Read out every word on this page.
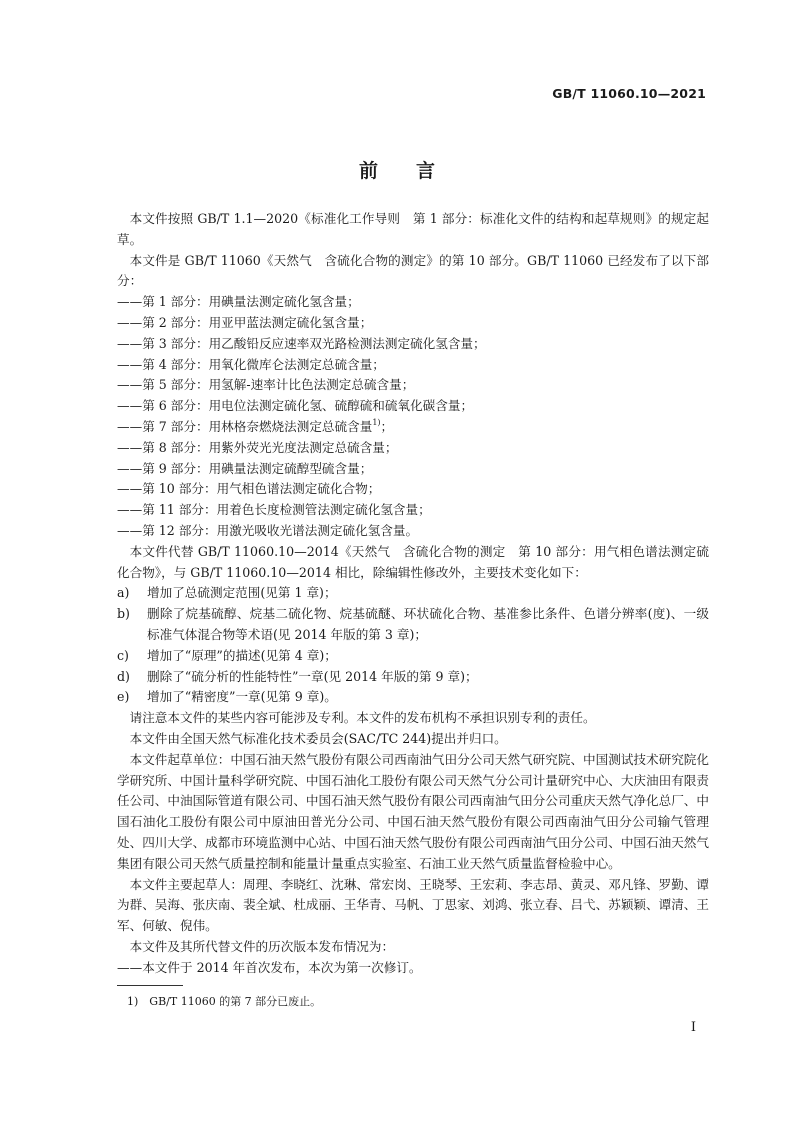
GB/T 11060.10—2021
前　　言

本文件按照 GB/T 1.1—2020《标准化工作导则　第 1 部分：标准化文件的结构和起草规则》的规定起草。

本文件是 GB/T 11060《天然气　含硫化合物的测定》的第 10 部分。GB/T 11060 已经发布了以下部分：

——第 1 部分：用碘量法测定硫化氢含量；

——第 2 部分：用亚甲蓝法测定硫化氢含量；

——第 3 部分：用乙酸铅反应速率双光路检测法测定硫化氢含量；

——第 4 部分：用氧化微库仑法测定总硫含量；

——第 5 部分：用氢解-速率计比色法测定总硫含量；

——第 6 部分：用电位法测定硫化氢、硫醇硫和硫氧化碳含量；

——第 7 部分：用林格奈燃烧法测定总硫含量$^{1)}$；

——第 8 部分：用紫外荧光光度法测定总硫含量；

——第 9 部分：用碘量法测定硫醇型硫含量；

——第 10 部分：用气相色谱法测定硫化合物；

——第 11 部分：用着色长度检测管法测定硫化氢含量；

——第 12 部分：用激光吸收光谱法测定硫化氢含量。

本文件代替 GB/T 11060.10—2014《天然气　含硫化合物的测定　第 10 部分：用气相色谱法测定硫化合物》，与 GB/T 11060.10—2014 相比，除编辑性修改外，主要技术变化如下：

a)	增加了总硫测定范围(见第 1 章)；
b)	删除了烷基硫醇、烷基二硫化物、烷基硫醚、环状硫化合物、基准参比条件、色谱分辨率(度)、一级标准气体混合物等术语(见 2014 年版的第 3 章)；
c)	增加了“原理”的描述(见第 4 章)；
d)	删除了“硫分析的性能特性”一章(见 2014 年版的第 9 章)；
e)	增加了“精密度”一章(见第 9 章)。

请注意本文件的某些内容可能涉及专利。本文件的发布机构不承担识别专利的责任。

本文件由全国天然气标准化技术委员会(SAC/TC 244)提出并归口。

本文件起草单位：中国石油天然气股份有限公司西南油气田分公司天然气研究院、中国测试技术研究院化学研究所、中国计量科学研究院、中国石油化工股份有限公司天然气分公司计量研究中心、大庆油田有限责任公司、中油国际管道有限公司、中国石油天然气股份有限公司西南油气田分公司重庆天然气净化总厂、中国石油化工股份有限公司中原油田普光分公司、中国石油天然气股份有限公司西南油气田分公司输气管理处、四川大学、成都市环境监测中心站、中国石油天然气股份有限公司西南油气田分公司、中国石油天然气集团有限公司天然气质量控制和能量计量重点实验室、石油工业天然气质量监督检验中心。

本文件主要起草人：周理、李晓红、沈琳、常宏岗、王晓琴、王宏莉、李志昂、黄灵、邓凡锋、罗勤、谭为群、吴海、张庆南、裴全斌、杜成丽、王华青、马帆、丁思家、刘鸿、张立春、吕弋、苏颖颖、谭清、王军、何敏、倪伟。

本文件及其所代替文件的历次版本发布情况为：

——本文件于 2014 年首次发布，本次为第一次修订。

1)　GB/T 11060 的第 7 部分已废止。
I
